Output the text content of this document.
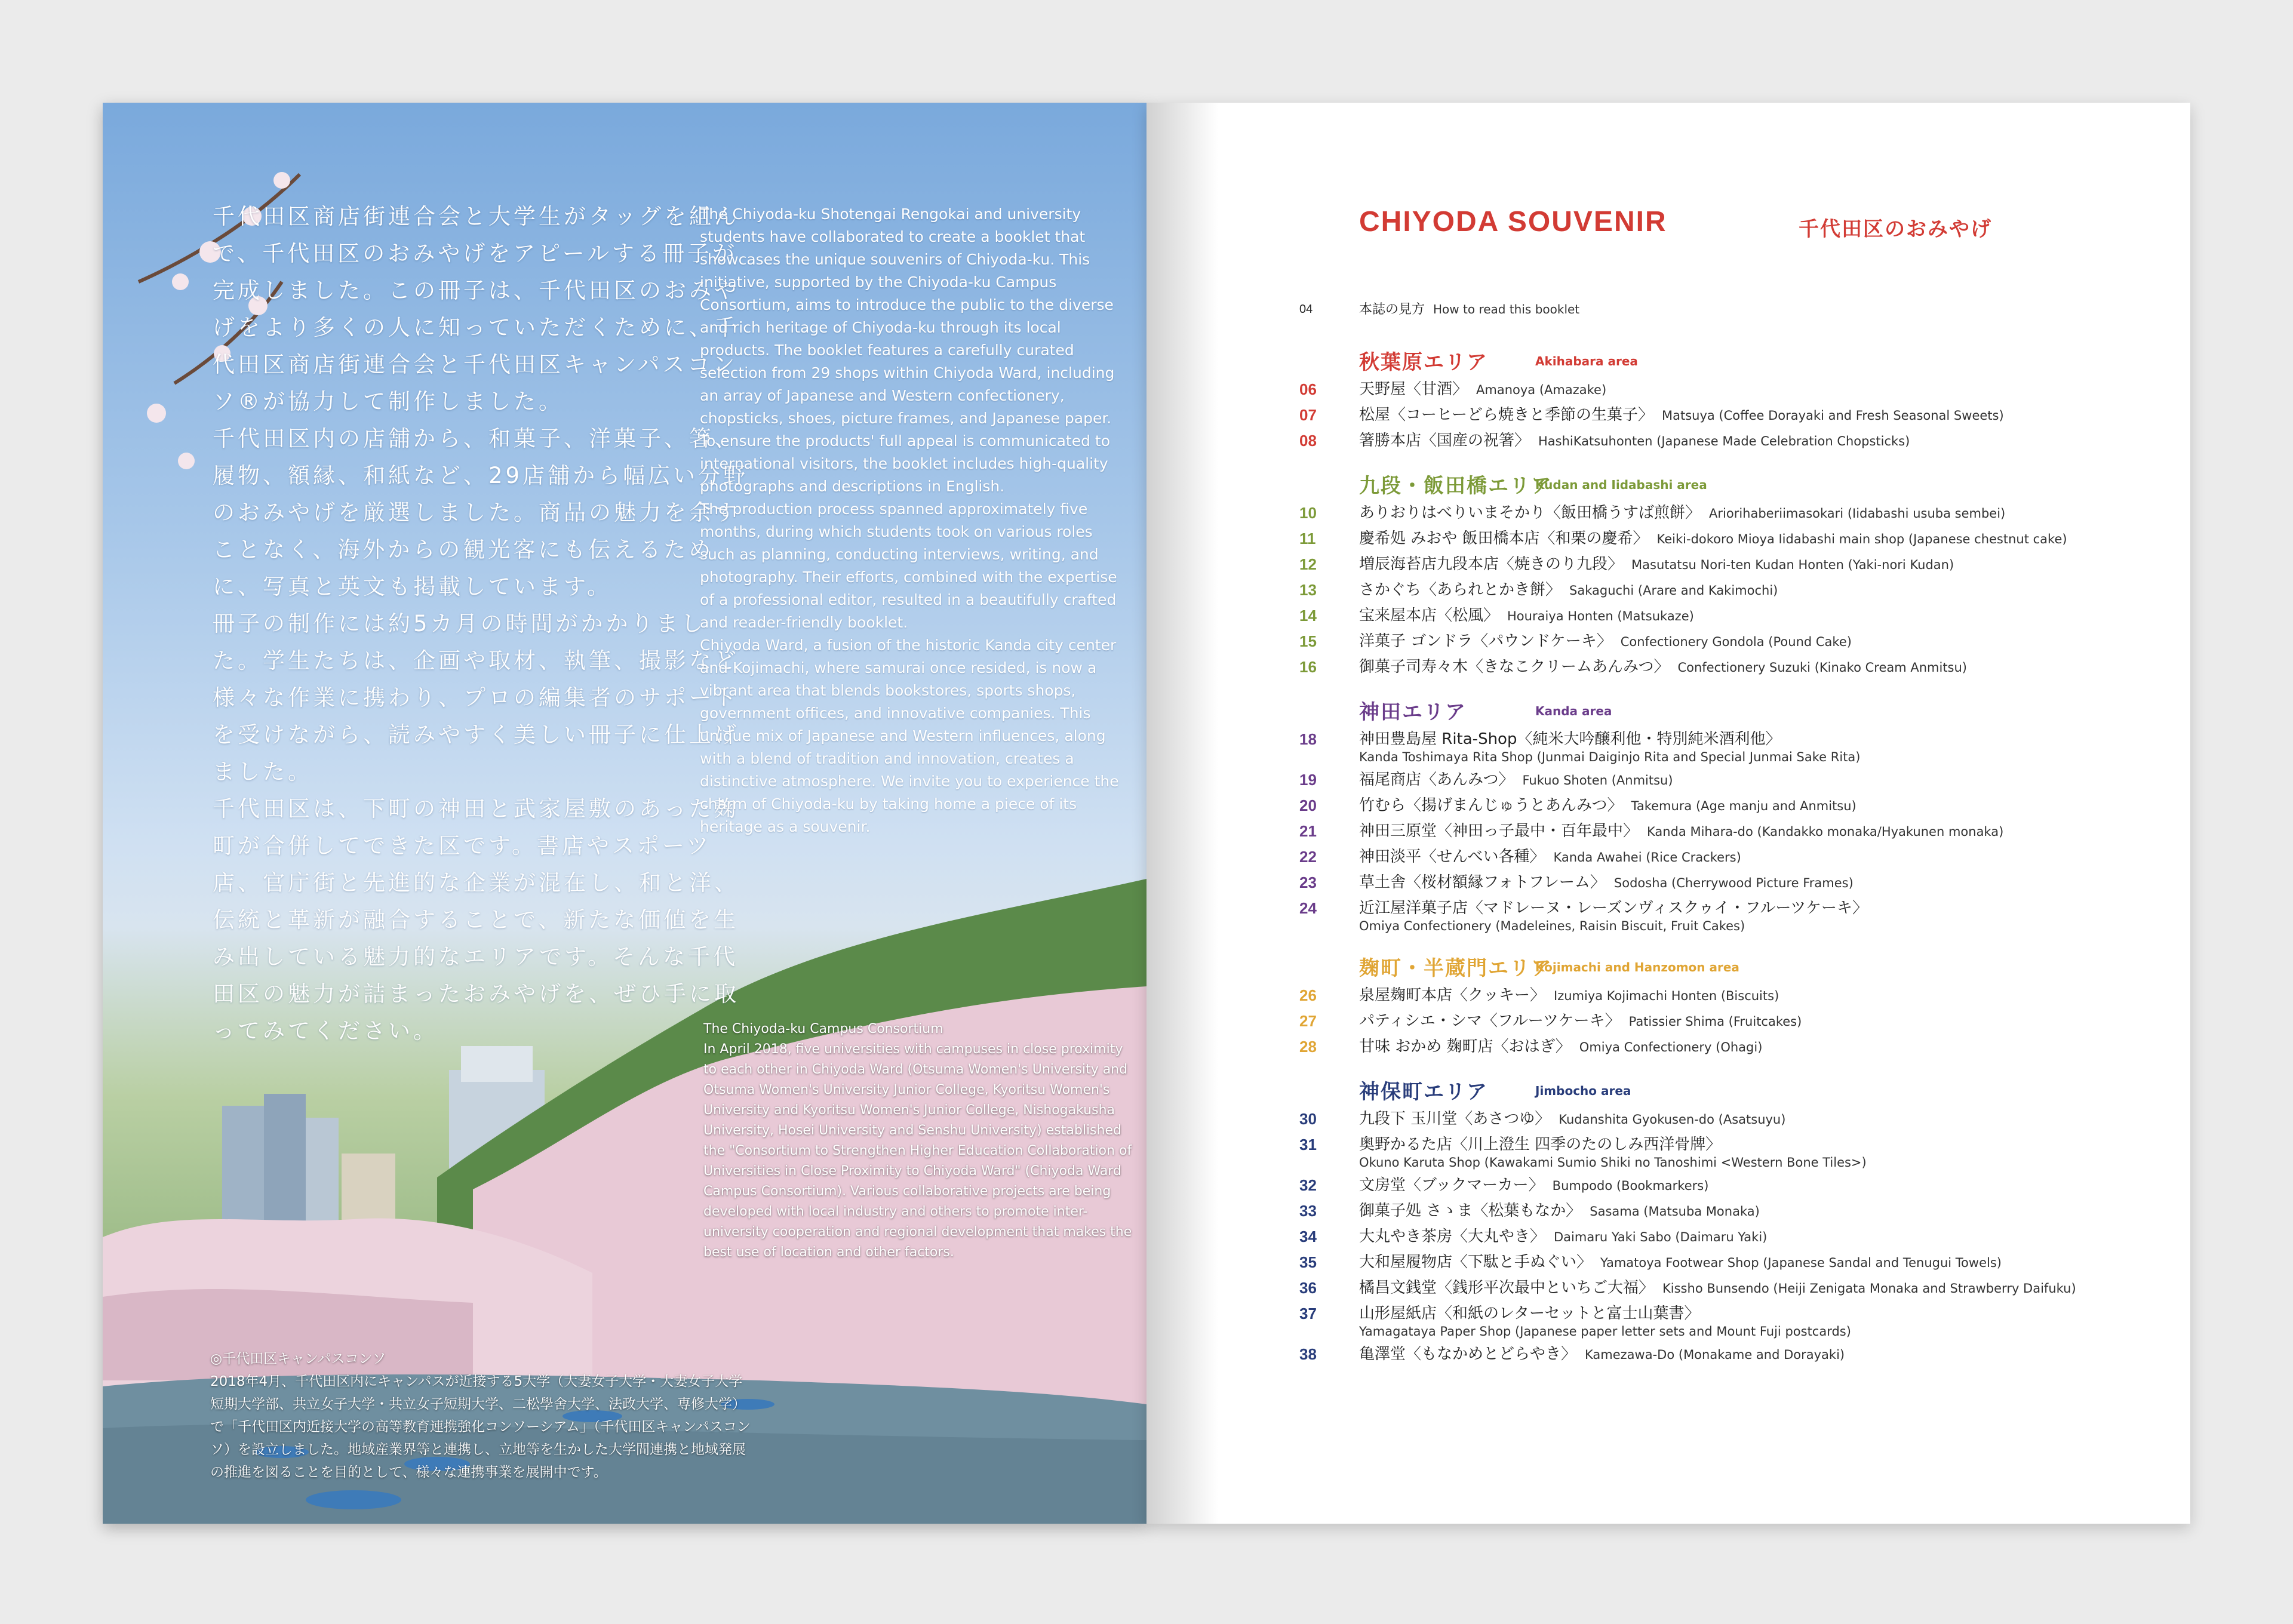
千代田区商店街連合会と大学生がタッグを組んで、千代田区のおみやげをアピールする冊子が完成しました。この冊子は、千代田区のおみやげをより多くの人に知っていただくために、千代田区商店街連合会と千代田区キャンパスコンソ®が協力して制作しました。

千代田区内の店舗から、和菓子、洋菓子、箸、履物、額縁、和紙など、29店舗から幅広い分野のおみやげを厳選しました。商品の魅力を余すことなく、海外からの観光客にも伝えるために、写真と英文も掲載しています。

冊子の制作には約5カ月の時間がかかりました。学生たちは、企画や取材、執筆、撮影など様々な作業に携わり、プロの編集者のサポートを受けながら、読みやすく美しい冊子に仕上げました。

千代田区は、下町の神田と武家屋敷のあった麹町が合併してできた区です。書店やスポーツ店、官庁街と先進的な企業が混在し、和と洋、伝統と革新が融合することで、新たな価値を生み出している魅力的なエリアです。そんな千代田区の魅力が詰まったおみやげを、ぜひ手に取ってみてください。

The Chiyoda-ku Shotengai Rengokai and university students have collaborated to create a booklet that showcases the unique souvenirs of Chiyoda-ku. This initiative, supported by the Chiyoda-ku Campus Consortium, aims to introduce the public to the diverse and rich heritage of Chiyoda-ku through its local products. The booklet features a carefully curated selection from 29 shops within Chiyoda Ward, including an array of Japanese and Western confectionery, chopsticks, shoes, picture frames, and Japanese paper. To ensure the products' full appeal is communicated to international visitors, the booklet includes high-quality photographs and descriptions in English.

The production process spanned approximately five months, during which students took on various roles such as planning, conducting interviews, writing, and photography. Their efforts, combined with the expertise of a professional editor, resulted in a beautifully crafted and reader-friendly booklet.

Chiyoda Ward, a fusion of the historic Kanda city center and Kojimachi, where samurai once resided, is now a vibrant area that blends bookstores, sports shops, government offices, and innovative companies. This unique mix of Japanese and Western influences, along with a blend of tradition and innovation, creates a distinctive atmosphere. We invite you to experience the charm of Chiyoda-ku by taking home a piece of its heritage as a souvenir.

The Chiyoda-ku Campus Consortium

In April 2018, five universities with campuses in close proximity to each other in Chiyoda Ward (Otsuma Women's University and Otsuma Women's University Junior College, Kyoritsu Women's University and Kyoritsu Women's Junior College, Nishogakusha University, Hosei University and Senshu University) established the "Consortium to Strengthen Higher Education Collaboration of Universities in Close Proximity to Chiyoda Ward" (Chiyoda Ward Campus Consortium). Various collaborative projects are being developed with local industry and others to promote inter-university cooperation and regional development that makes the best use of location and other factors.

◎千代田区キャンパスコンソ

2018年4月、千代田区内にキャンパスが近接する5大学（大妻女子大学・大妻女子大学短期大学部、共立女子大学・共立女子短期大学、二松學舍大学、法政大学、専修大学）で「千代田区内近接大学の高等教育連携強化コンソーシアム」（千代田区キャンパスコンソ）を設立しました。地域産業界等と連携し、立地等を生かした大学間連携と地域発展の推進を図ることを目的として、様々な連携事業を展開中です。

CHIYODA SOUVENIR	千代田区のおみやげ
04	本誌の見方 How to read this booklet
秋葉原エリア	Akihabara area
06	天野屋〈甘酒〉 Amanoya (Amazake)
07	松屋〈コーヒーどら焼きと季節の生菓子〉 Matsuya (Coffee Dorayaki and Fresh Seasonal Sweets)
08	箸勝本店〈国産の祝箸〉 HashiKatsuhonten (Japanese Made Celebration Chopsticks)
九段・飯田橋エリア
Kudan and Iidabashi area
10	ありおりはべりいまそかり〈飯田橋うすば煎餅〉 Ariorihaberiimasokari (Iidabashi usuba sembei)
11	慶希処 みおや 飯田橋本店〈和栗の慶希〉 Keiki-dokoro Mioya Iidabashi main shop (Japanese chestnut cake)
12	増辰海苔店九段本店〈焼きのり九段〉 Masutatsu Nori-ten Kudan Honten (Yaki-nori Kudan)
13	さかぐち〈あられとかき餅〉 Sakaguchi (Arare and Kakimochi)
14	宝来屋本店〈松風〉 Houraiya Honten (Matsukaze)
15	洋菓子 ゴンドラ〈パウンドケーキ〉 Confectionery Gondola (Pound Cake)
16	御菓子司寿々木〈きなこクリームあんみつ〉 Confectionery Suzuki (Kinako Cream Anmitsu)
神田エリア	Kanda area
18	神田豊島屋 Rita-Shop〈純米大吟醸利他・特別純米酒利他〉
Kanda Toshimaya Rita Shop (Junmai Daiginjo Rita and Special Junmai Sake Rita)
19	福尾商店〈あんみつ〉 Fukuo Shoten (Anmitsu)
20	竹むら〈揚げまんじゅうとあんみつ〉 Takemura (Age manju and Anmitsu)
21	神田三原堂〈神田っ子最中・百年最中〉 Kanda Mihara-do (Kandakko monaka/Hyakunen monaka)
22	神田淡平〈せんべい各種〉 Kanda Awahei (Rice Crackers)
23	草土舎〈桜材額縁フォトフレーム〉 Sodosha (Cherrywood Picture Frames)
24	近江屋洋菓子店〈マドレーヌ・レーズンヴィスクゥイ・フルーツケーキ〉
Omiya Confectionery (Madeleines, Raisin Biscuit, Fruit Cakes)
麹町・半蔵門エリア
Kojimachi and Hanzomon area
26	泉屋麹町本店〈クッキー〉 Izumiya Kojimachi Honten (Biscuits)
27	パティシエ・シマ〈フルーツケーキ〉 Patissier Shima (Fruitcakes)
28	甘味 おかめ 麹町店〈おはぎ〉 Omiya Confectionery (Ohagi)
神保町エリア	Jimbocho area
30	九段下 玉川堂〈あさつゆ〉 Kudanshita Gyokusen-do (Asatsuyu)
31	奥野かるた店〈川上澄生 四季のたのしみ西洋骨牌〉
Okuno Karuta Shop (Kawakami Sumio Shiki no Tanoshimi <Western Bone Tiles>)
32	文房堂〈ブックマーカー〉 Bumpodo (Bookmarkers)
33	御菓子処 さゝま〈松葉もなか〉 Sasama (Matsuba Monaka)
34	大丸やき茶房〈大丸やき〉 Daimaru Yaki Sabo (Daimaru Yaki)
35	大和屋履物店〈下駄と手ぬぐい〉 Yamatoya Footwear Shop (Japanese Sandal and Tenugui Towels)
36	橘昌文銭堂〈銭形平次最中といちご大福〉 Kissho Bunsendo (Heiji Zenigata Monaka and Strawberry Daifuku)
37	山形屋紙店〈和紙のレターセットと富士山葉書〉
Yamagataya Paper Shop (Japanese paper letter sets and Mount Fuji postcards)
38	亀澤堂〈もなかめとどらやき〉 Kamezawa-Do (Monakame and Dorayaki)
